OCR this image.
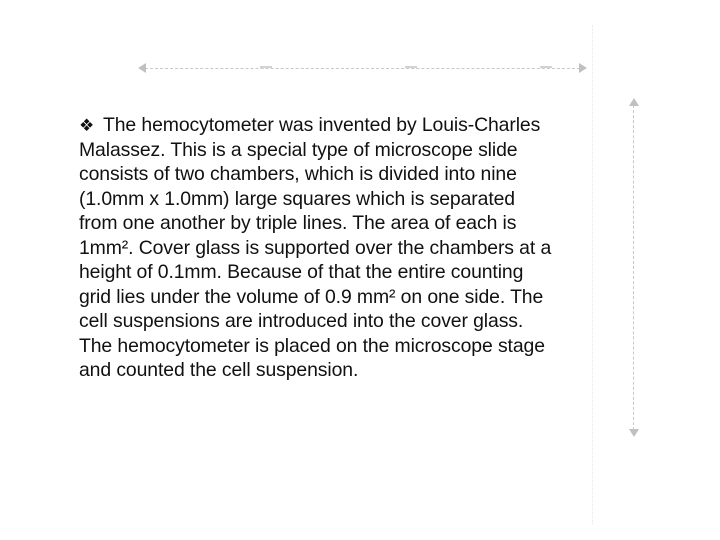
❖ The hemocytometer was invented by Louis-Charles
Malassez. This is a special type of microscope slide
consists of two chambers, which is divided into nine
(1.0mm x 1.0mm) large squares which is separated
from one another by triple lines. The area of each is
1mm². Cover glass is supported over the chambers at a
height of 0.1mm. Because of that the entire counting
grid lies under the volume of 0.9 mm² on one side. The
cell suspensions are introduced into the cover glass.
The hemocytometer is placed on the microscope stage
and counted the cell suspension.
